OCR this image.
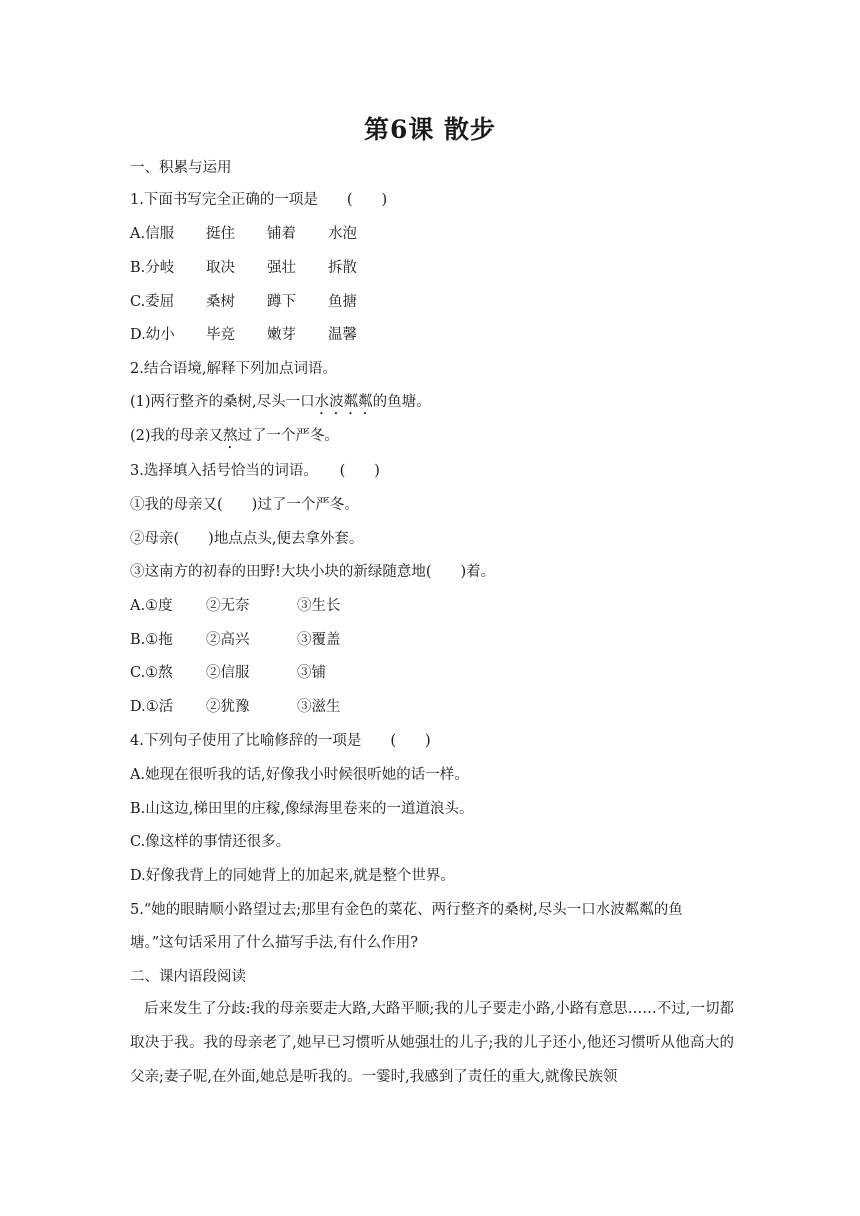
第6课 散步
一、积累与运用
1.下面书写完全正确的一项是　　(　　)
A.信服 挺住 铺着 水泡
B.分岐 取决 强壮 拆散
C.委屈 桑树 蹲下 鱼搪
D.幼小 毕竞 嫩芽 温馨
2.结合语境,解释下列加点词语。
(1)两行整齐的桑树,尽头一口水波粼粼的鱼塘。
(2)我的母亲又熬过了一个严冬。
3.选择填入括号恰当的词语。　　(　　)
①我的母亲又(　　)过了一个严冬。
②母亲(　　)地点点头,便去拿外套。
③这南方的初春的田野!大块小块的新绿随意地(　　)着。
A.①度 ②无奈	③生长
B.①拖 ②高兴	③覆盖
C.①熬 ②信服	③铺
D.①活 ②犹豫	③滋生
4.下列句子使用了比喻修辞的一项是　　(　　)
A.她现在很听我的话,好像我小时候很听她的话一样。
B.山这边,梯田里的庄稼,像绿海里卷来的一道道浪头。
C.像这样的事情还很多。
D.好像我背上的同她背上的加起来,就是整个世界。
5.“她的眼睛顺小路望过去;那里有金色的菜花、两行整齐的桑树,尽头一口水波粼粼的鱼
塘。”这句话采用了什么描写手法,有什么作用?
二、课内语段阅读
后来发生了分歧:我的母亲要走大路,大路平顺;我的儿子要走小路,小路有意思……不过,一切都取决于我。我的母亲老了,她早已习惯听从她强壮的儿子;我的儿子还小,他还习惯听从他高大的父亲;妻子呢,在外面,她总是听我的。一霎时,我感到了责任的重大,就像民族领
